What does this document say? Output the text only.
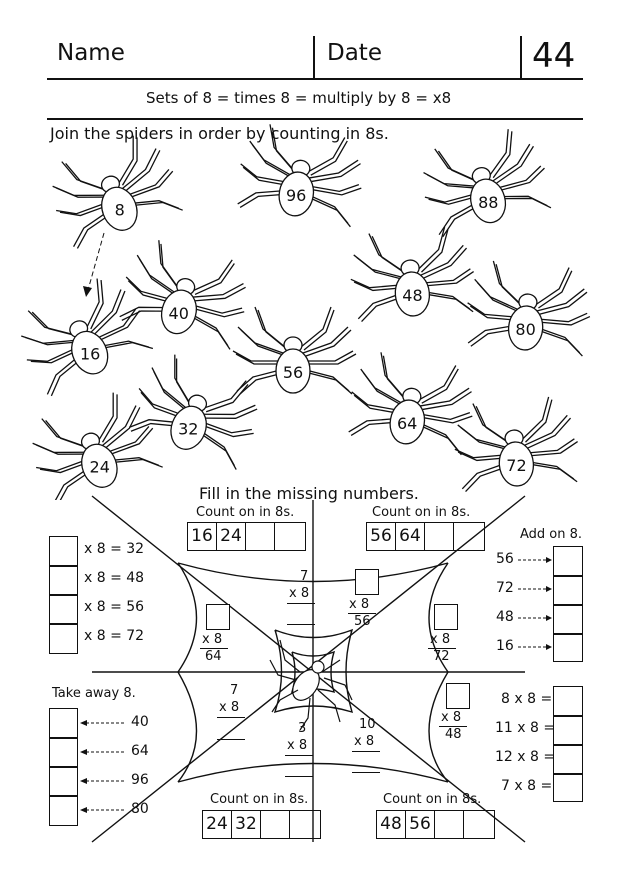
Name	Date	44
Sets of 8 = times 8 = multiply by 8 = x8
Join the spiders in order by counting in 8s.
8
96	88
40
48
16
80
56
32	64
24	72
Fill in the missing numbers.
Count on in 8s.
16 24
Count on in 8s.
56 64
Count on in 8s.
24 32
Count on in 8s.
48 56
x 8 = 32
x 8 = 48
x 8 = 56
x 8 = 72
Add on 8.
56
72
48
16
Take away 8.
40
64
96
80
8 x 8 =
11 x 8 =
12 x 8 =
7 x 8 =
7
x 8
x 8
56
x 8
64
x 8
72
7
x 8
x 8
48
3
x 8
10
x 8
